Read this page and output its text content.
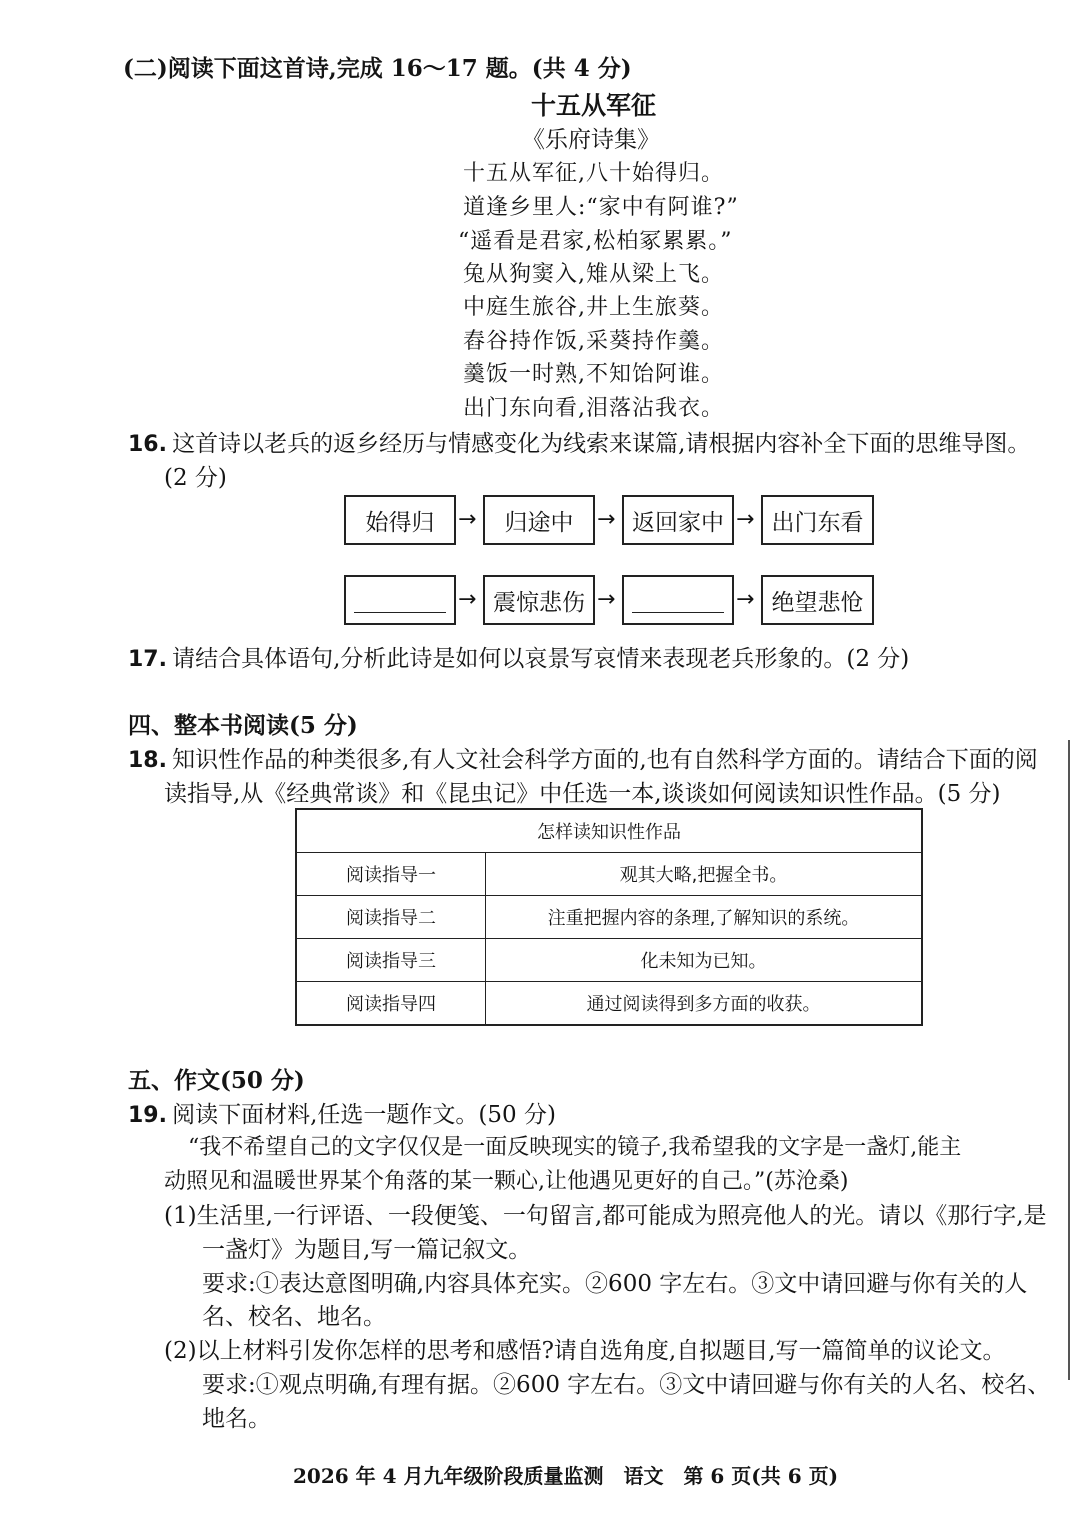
(二)阅读下面这首诗,完成 16～17 题。(共 4 分)
十五从军征
《乐府诗集》
十五从军征,八十始得归。
道逢乡里人:“家中有阿谁?”
“遥看是君家,松柏冢累累。”
兔从狗窦入,雉从梁上飞。
中庭生旅谷,井上生旅葵。
舂谷持作饭,采葵持作羹。
羹饭一时熟,不知饴阿谁。
出门东向看,泪落沾我衣。
16. 这首诗以老兵的返乡经历与情感变化为线索来谋篇,请根据内容补全下面的思维导图。
(2 分)
始得归	→	归途中	→ 返回家中 → 出门东看
→ 震惊悲伤 →	→ 绝望悲怆
17. 请结合具体语句,分析此诗是如何以哀景写哀情来表现老兵形象的。(2 分)
四、整本书阅读(5 分)
18. 知识性作品的种类很多,有人文社会科学方面的,也有自然科学方面的。请结合下面的阅
读指导,从《经典常谈》和《昆虫记》中任选一本,谈谈如何阅读知识性作品。(5 分)
怎样读知识性作品	
阅读指导一	观其大略,把握全书。
阅读指导二	注重把握内容的条理,了解知识的系统。
阅读指导三	化未知为已知。
阅读指导四	通过阅读得到多方面的收获。
五、作文(50 分)
19. 阅读下面材料,任选一题作文。(50 分)
“我不希望自己的文字仅仅是一面反映现实的镜子,我希望我的文字是一盏灯,能主
动照见和温暖世界某个角落的某一颗心,让他遇见更好的自己。”(苏沧桑)
(1)生活里,一行评语、一段便笺、一句留言,都可能成为照亮他人的光。请以《那行字,是
一盏灯》为题目,写一篇记叙文。
要求:①表达意图明确,内容具体充实。②600 字左右。③文中请回避与你有关的人
名、校名、地名。
(2)以上材料引发你怎样的思考和感悟?请自选角度,自拟题目,写一篇简单的议论文。
要求:①观点明确,有理有据。②600 字左右。③文中请回避与你有关的人名、校名、
地名。
2026 年 4 月九年级阶段质量监测　语文　第 6 页(共 6 页)
